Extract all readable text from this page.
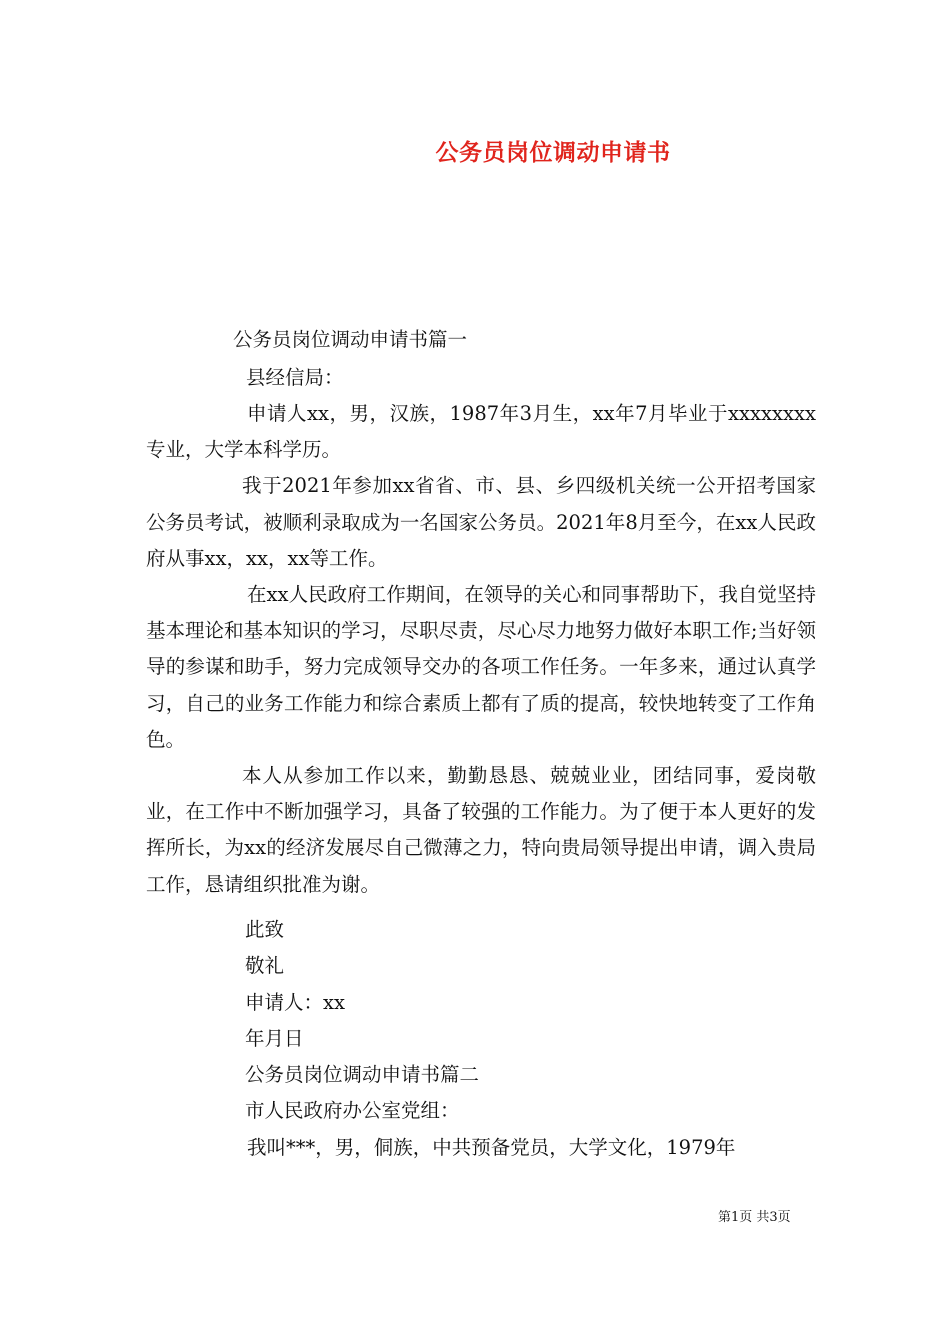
公务员岗位调动申请书
公务员岗位调动申请书篇一
县经信局：

申请人xx，男，汉族，1987年3月生，xx年7月毕业于xxxxxxxx专业，大学本科学历。

我于2021年参加xx省省、市、县、乡四级机关统一公开招考国家公务员考试，被顺利录取成为一名国家公务员。2021年8月至今，在xx人民政府从事xx，xx，xx等工作。

在xx人民政府工作期间，在领导的关心和同事帮助下，我自觉坚持基本理论和基本知识的学习，尽职尽责，尽心尽力地努力做好本职工作;当好领导的参谋和助手，努力完成领导交办的各项工作任务。一年多来，通过认真学习，自己的业务工作能力和综合素质上都有了质的提高，较快地转变了工作角色。

本人从参加工作以来，勤勤恳恳、兢兢业业，团结同事，爱岗敬业，在工作中不断加强学习，具备了较强的工作能力。为了便于本人更好的发挥所长，为xx的经济发展尽自己微薄之力，特向贵局领导提出申请，调入贵局工作，恳请组织批准为谢。

此致
敬礼
申请人：xx
年月日
公务员岗位调动申请书篇二
市人民政府办公室党组：
我叫***，男，侗族，中共预备党员，大学文化，1979年
第1页 共3页
